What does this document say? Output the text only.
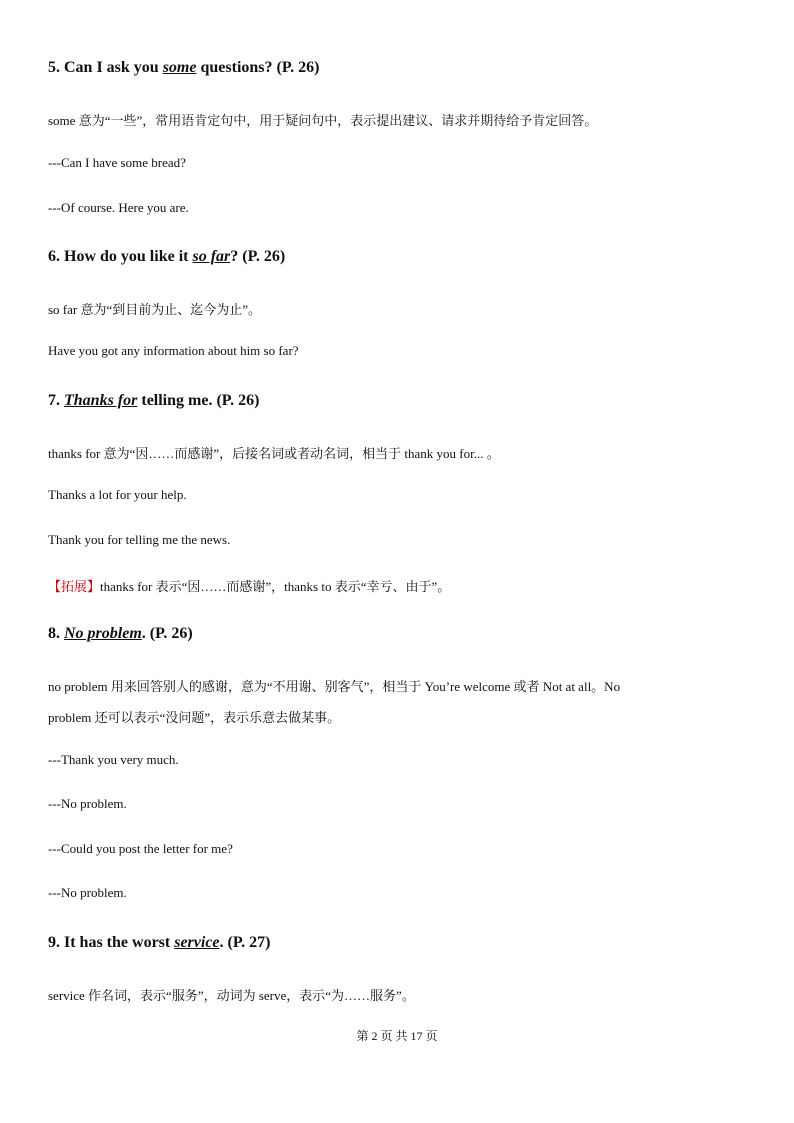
5. Can I ask you some questions? (P. 26)
some 意为“一些”，常用语肯定句中，用于疑问句中，表示提出建议、请求并期待给予肯定回答。
---Can I have some bread?
---Of course. Here you are.
6. How do you like it so far? (P. 26)
so far 意为“到目前为止、迄今为止”。
Have you got any information about him so far?
7. Thanks for telling me. (P. 26)
thanks for 意为“因……而感谢”，后接名词或者动名词，相当于 thank you for... 。
Thanks a lot for your help.
Thank you for telling me the news.
【拓展】thanks for 表示“因……而感谢”，thanks to 表示“幸亏、由于”。
8. No problem. (P. 26)
no problem 用来回答别人的感谢，意为“不用谢、别客气”，相当于 You’re welcome 或者 Not at all。No
problem 还可以表示“没问题”，表示乐意去做某事。
---Thank you very much.
---No problem.
---Could you post the letter for me?
---No problem.
9. It has the worst service. (P. 27)
service 作名词，表示“服务”，动词为 serve，表示“为……服务”。
第 2 页 共 17 页
